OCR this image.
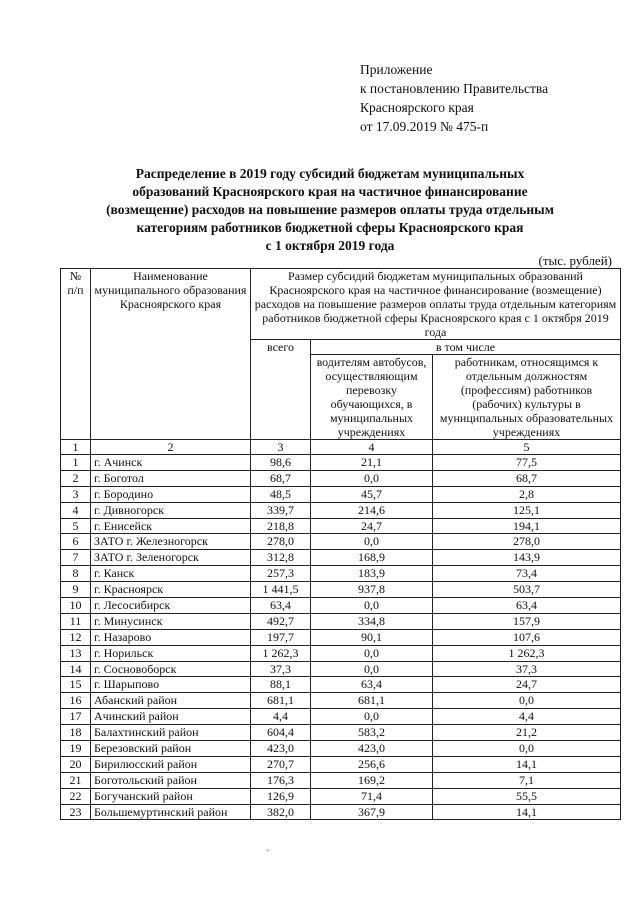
Приложение
к постановлению Правительства
Красноярского края
от 17.09.2019 № 475-п
Распределение в 2019 году субсидий бюджетам муниципальных
образований Красноярского края на частичное финансирование
(возмещение) расходов на повышение размеров оплаты труда отдельным
категориям работников бюджетной сферы Красноярского края
с 1 октября 2019 года
(тыс. рублей)
№ п/п	Наименование муниципального образования Красноярского края	Размер субсидий бюджетам муниципальных образований Красноярского края на частичное финансирование (возмещение) расходов на повышение размеров оплаты труда отдельным категориям работников бюджетной сферы Красноярского края с 1 октября 2019 года		
		всего	в том числе	
			водителям автобусов, осуществляющим перевозку обучающихся, в муниципальных учреждениях	работникам, относящимся к отдельным должностям (профессиям) работников (рабочих) культуры в муниципальных образовательных учреждениях
1	2	3	4	5
1	г. Ачинск	98,6	21,1	77,5
2	г. Боготол	68,7	0,0	68,7
3	г. Бородино	48,5	45,7	2,8
4	г. Дивногорск	339,7	214,6	125,1
5	г. Енисейск	218,8	24,7	194,1
6	ЗАТО г. Железногорск	278,0	0,0	278,0
7	ЗАТО г. Зеленогорск	312,8	168,9	143,9
8	г. Канск	257,3	183,9	73,4
9	г. Красноярск	1 441,5	937,8	503,7
10	г. Лесосибирск	63,4	0,0	63,4
11	г. Минусинск	492,7	334,8	157,9
12	г. Назарово	197,7	90,1	107,6
13	г. Норильск	1 262,3	0,0	1 262,3
14	г. Сосновоборск	37,3	0,0	37,3
15	г. Шарыпово	88,1	63,4	24,7
16	Абанский район	681,1	681,1	0,0
17	Ачинский район	4,4	0,0	4,4
18	Балахтинский район	604,4	583,2	21,2
19	Березовский район	423,0	423,0	0,0
20	Бирилюсский район	270,7	256,6	14,1
21	Боготольский район	176,3	169,2	7,1
22	Богучанский район	126,9	71,4	55,5
23	Большемуртинский район	382,0	367,9	14,1
·
